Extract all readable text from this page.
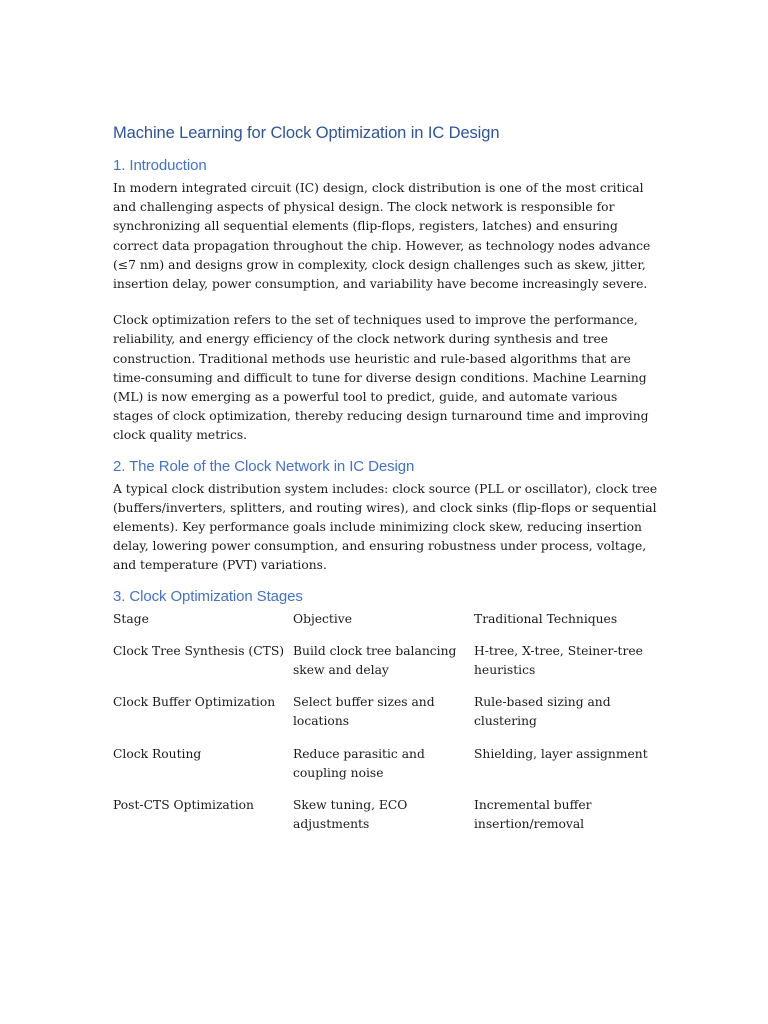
Machine Learning for Clock Optimization in IC Design
1. Introduction

In modern integrated circuit (IC) design, clock distribution is one of the most critical and challenging aspects of physical design. The clock network is responsible for synchronizing all sequential elements (flip-flops, registers, latches) and ensuring correct data propagation throughout the chip. However, as technology nodes advance (≤7 nm) and designs grow in complexity, clock design challenges such as skew, jitter, insertion delay, power consumption, and variability have become increasingly severe.

Clock optimization refers to the set of techniques used to improve the performance, reliability, and energy efficiency of the clock network during synthesis and tree construction. Traditional methods use heuristic and rule-based algorithms that are time-consuming and difficult to tune for diverse design conditions. Machine Learning (ML) is now emerging as a powerful tool to predict, guide, and automate various stages of clock optimization, thereby reducing design turnaround time and improving clock quality metrics.

2. The Role of the Clock Network in IC Design

A typical clock distribution system includes: clock source (PLL or oscillator), clock tree (buffers/inverters, splitters, and routing wires), and clock sinks (flip-flops or sequential elements). Key performance goals include minimizing clock skew, reducing insertion delay, lowering power consumption, and ensuring robustness under process, voltage, and temperature (PVT) variations.

3. Clock Optimization Stages
Stage	Objective	Traditional Techniques
Clock Tree Synthesis (CTS)	Build clock tree balancing skew and delay	H-tree, X-tree, Steiner-tree heuristics
Clock Buffer Optimization	Select buffer sizes and locations	Rule-based sizing and clustering
Clock Routing	Reduce parasitic and coupling noise	Shielding, layer assignment
Post-CTS Optimization	Skew tuning, ECO adjustments	Incremental buffer insertion/removal
